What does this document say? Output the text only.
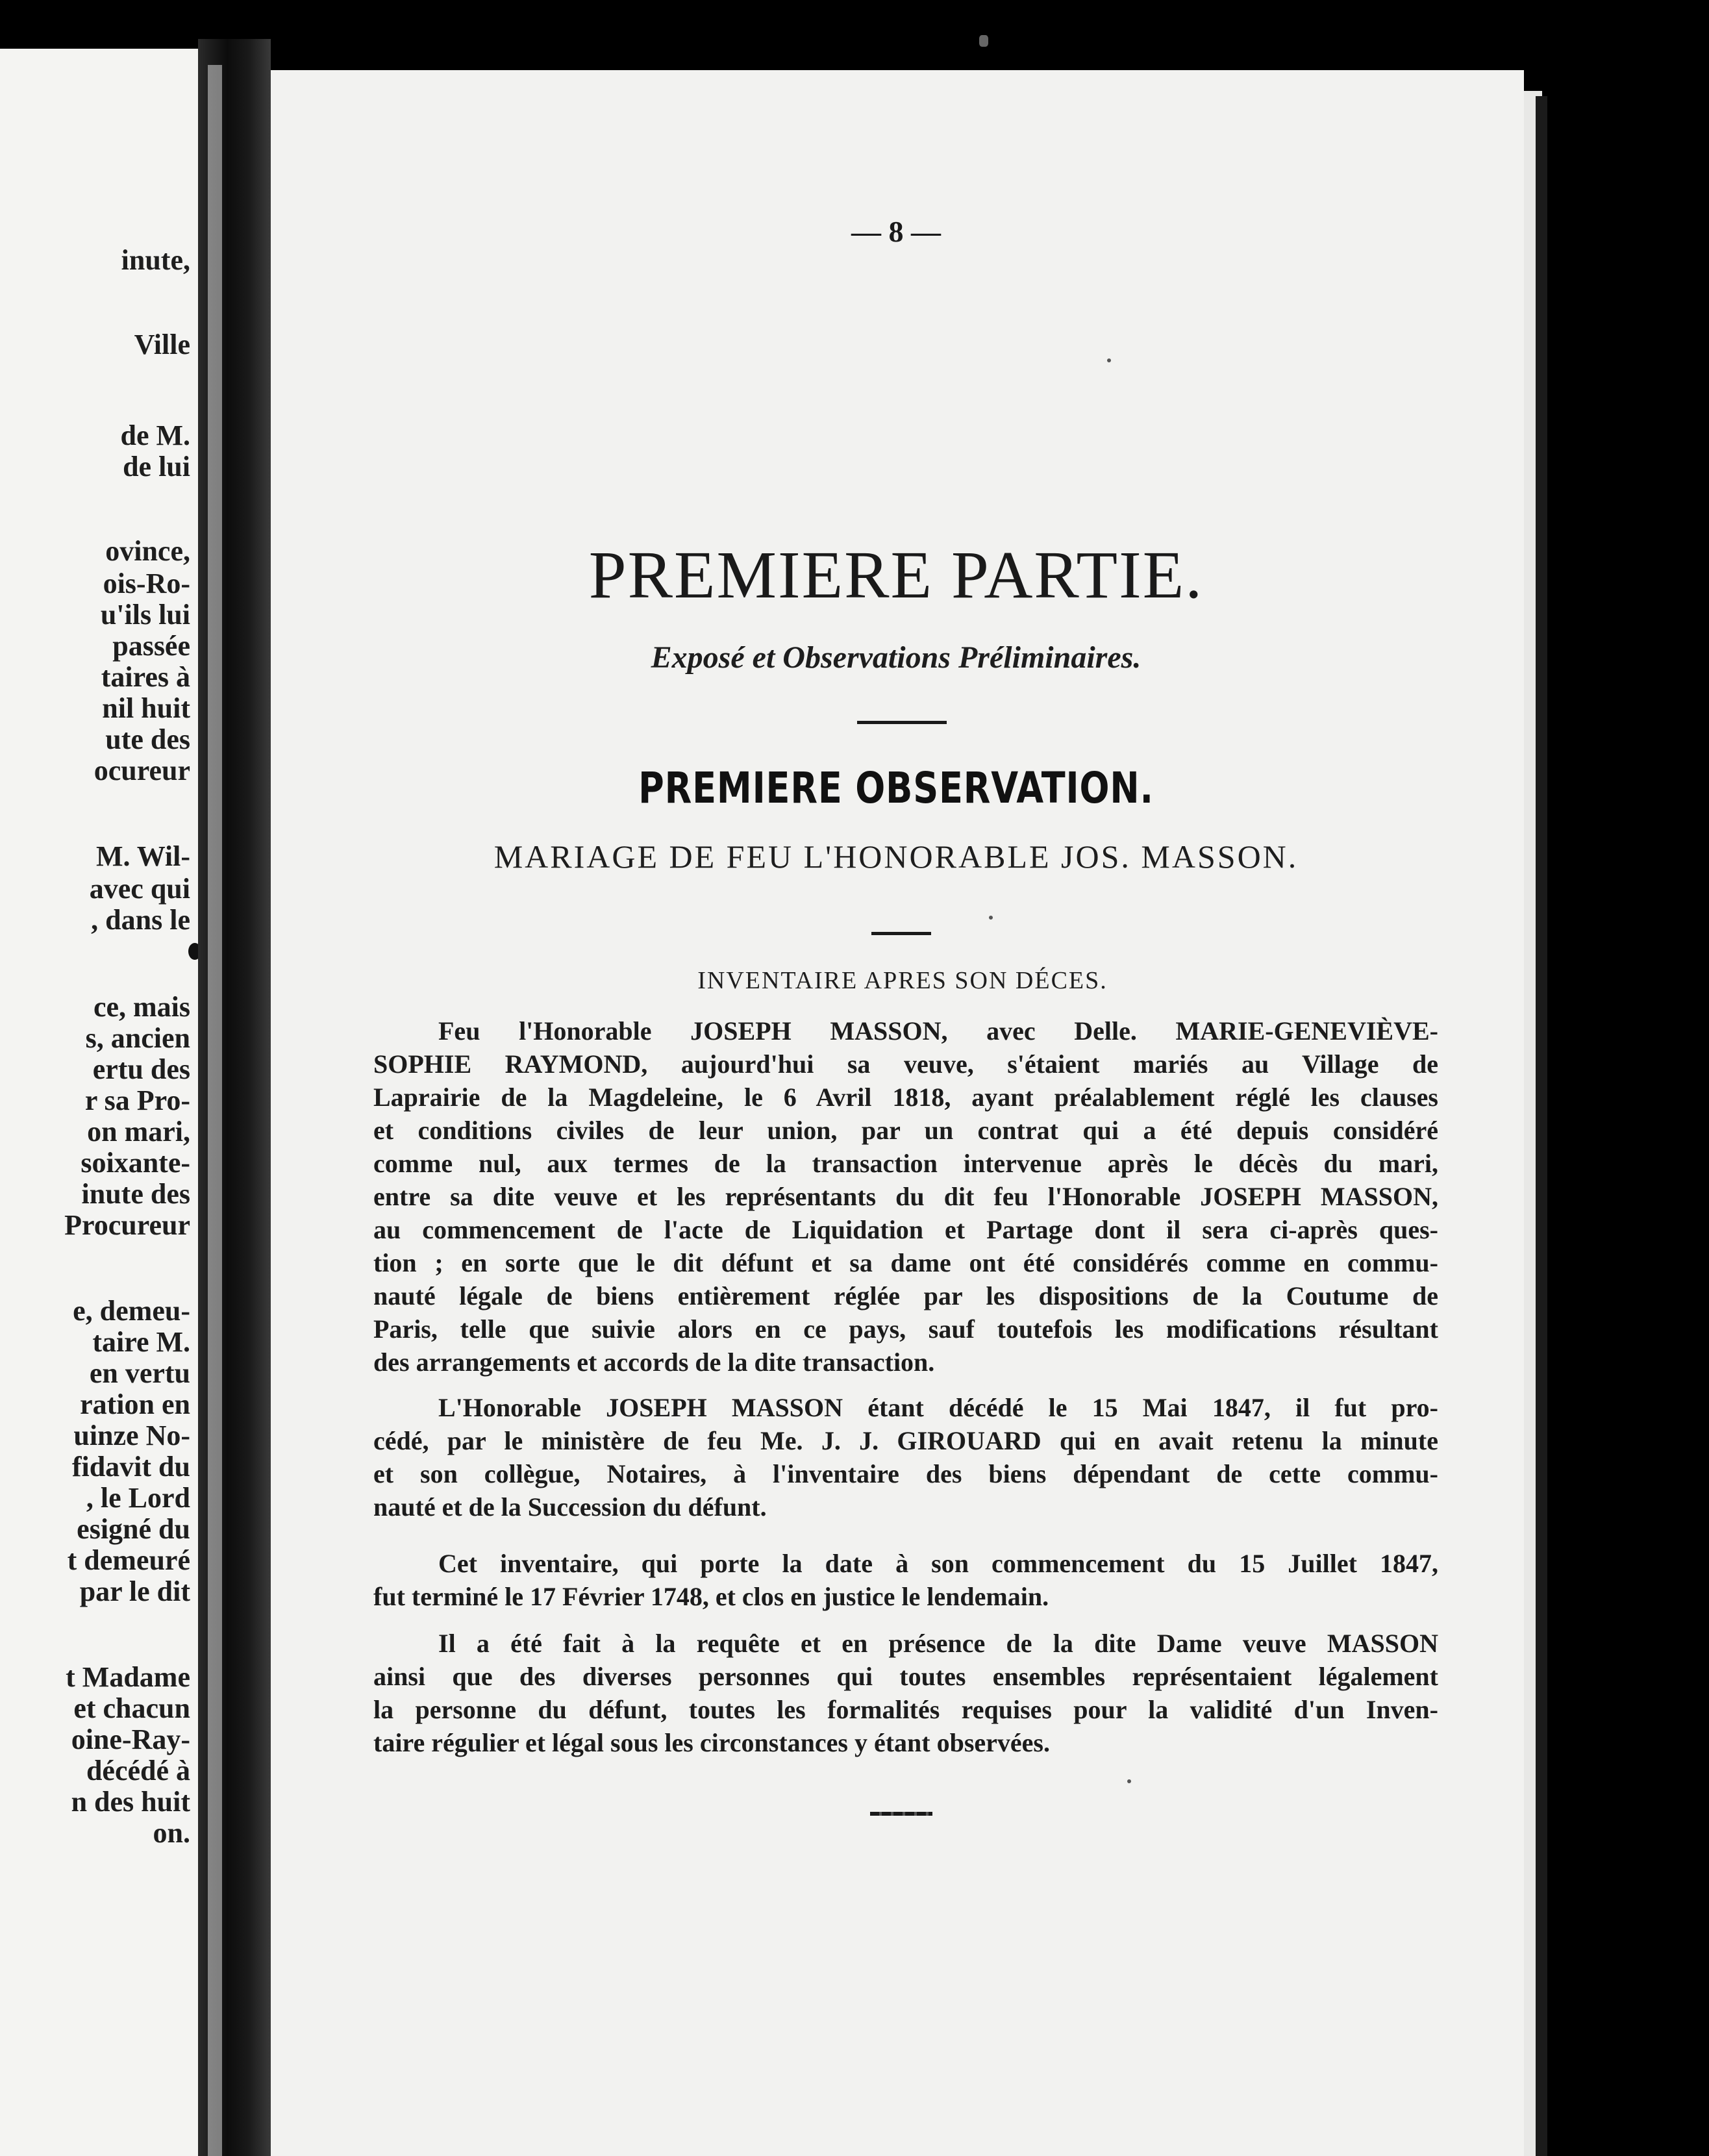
inute,
Ville
de M.
de lui
ovince,
ois-Ro-
u'ils lui
passée
taires à
nil huit
ute des
ocureur
M. Wil-
avec qui
, dans le
ce, mais
s, ancien
ertu des
r sa Pro-
on mari,
soixante-
inute des
Procureur
e, demeu-
taire M.
en vertu
ration en
uinze No-
fidavit du
, le Lord
esigné du
t demeuré
par le dit
t Madame
et chacun
oine-Ray-
décédé à
n des huit
on.
— 8 —
PREMIERE PARTIE.
Exposé et Observations Préliminaires.
PREMIERE OBSERVATION.
MARIAGE DE FEU L'HONORABLE JOS. MASSON.
INVENTAIRE APRES SON DÉCES.
Feu l'Honorable JOSEPH MASSON, avec Delle. MARIE-GENEVIÈVE-
SOPHIE RAYMOND, aujourd'hui sa veuve, s'étaient mariés au Village de
Laprairie de la Magdeleine, le 6 Avril 1818, ayant préalablement réglé les clauses
et conditions civiles de leur union, par un contrat qui a été depuis considéré
comme nul, aux termes de la transaction intervenue après le décès du mari,
entre sa dite veuve et les représentants du dit feu l'Honorable JOSEPH MASSON,
au commencement de l'acte de Liquidation et Partage dont il sera ci-après ques-
tion ; en sorte que le dit défunt et sa dame ont été considérés comme en commu-
nauté légale de biens entièrement réglée par les dispositions de la Coutume de
Paris, telle que suivie alors en ce pays, sauf toutefois les modifications résultant
des arrangements et accords de la dite transaction.
L'Honorable JOSEPH MASSON étant décédé le 15 Mai 1847, il fut pro-
cédé, par le ministère de feu Me. J. J. GIROUARD qui en avait retenu la minute
et son collègue, Notaires, à l'inventaire des biens dépendant de cette commu-
nauté et de la Succession du défunt.
Cet inventaire, qui porte la date à son commencement du 15 Juillet 1847,
fut terminé le 17 Février 1748, et clos en justice le lendemain.
Il a été fait à la requête et en présence de la dite Dame veuve MASSON
ainsi que des diverses personnes qui toutes ensembles représentaient légalement
la personne du défunt, toutes les formalités requises pour la validité d'un Inven-
taire régulier et légal sous les circonstances y étant observées.
